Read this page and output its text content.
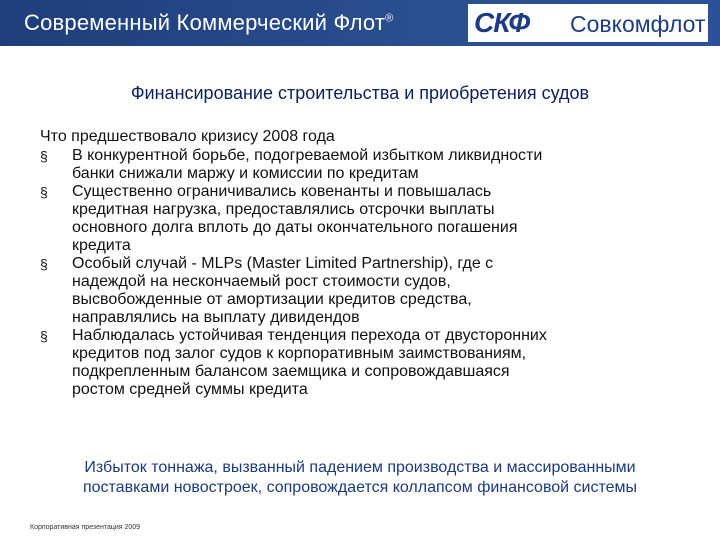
Современный Коммерческий Флот®	СКФ Совкомфлот
Финансирование строительства и приобретения судов

Что предшествовало кризису 2008 года

§	В конкурентной борьбе, подогреваемой избытком ликвидности
банки снижали маржу и комиссии по кредитам
§	Существенно ограничивались ковенанты и повышалась
кредитная нагрузка, предоставлялись отсрочки выплаты
основного долга вплоть до даты окончательного погашения
кредита
§	Особый случай - MLPs (Master Limited Partnership), где с
надеждой на нескончаемый рост стоимости судов,
высвобожденные от амортизации кредитов средства,
направлялись на выплату дивидендов
§	Наблюдалась устойчивая тенденция перехода от двусторонних
кредитов под залог судов к корпоративным заимствованиям,
подкрепленным балансом заемщика и сопровождавшаяся
ростом средней суммы кредита
Избыток тоннажа, вызванный падением производства и массированными
поставками новостроек, сопровождается коллапсом финансовой системы
Корпоративная презентация 2009
